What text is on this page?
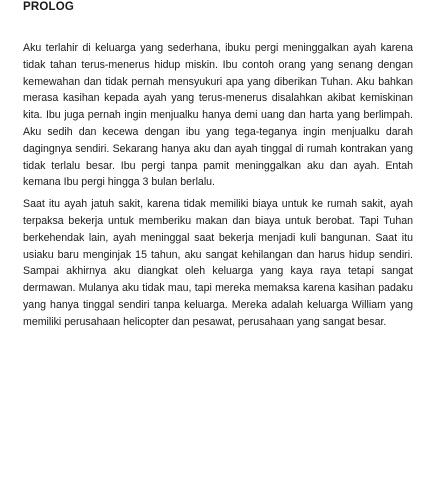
PROLOG

Aku terlahir di keluarga yang sederhana, ibuku pergi meninggalkan ayah karena tidak tahan terus-menerus hidup miskin. Ibu contoh orang yang senang dengan kemewahan dan tidak pernah mensyukuri apa yang diberikan Tuhan. Aku bahkan merasa kasihan kepada ayah yang terus-menerus disalahkan akibat kemiskinan kita. Ibu juga pernah ingin menjualku hanya demi uang dan harta yang berlimpah. Aku sedih dan kecewa dengan ibu yang tega-teganya ingin menjualku darah dagingnya sendiri. Sekarang hanya aku dan ayah tinggal di rumah kontrakan yang tidak terlalu besar. Ibu pergi tanpa pamit meninggalkan aku dan ayah. Entah kemana Ibu pergi hingga 3 bulan berlalu.

Saat itu ayah jatuh sakit, karena tidak memiliki biaya untuk ke rumah sakit, ayah terpaksa bekerja untuk memberiku makan dan biaya untuk berobat. Tapi Tuhan berkehendak lain, ayah meninggal saat bekerja menjadi kuli bangunan. Saat itu usiaku baru menginjak 15 tahun, aku sangat kehilangan dan harus hidup sendiri. Sampai akhirnya aku diangkat oleh keluarga yang kaya raya tetapi sangat dermawan. Mulanya aku tidak mau, tapi mereka memaksa karena kasihan padaku yang hanya tinggal sendiri tanpa keluarga. Mereka adalah keluarga William yang memiliki perusahaan helicopter dan pesawat, perusahaan yang sangat besar.
